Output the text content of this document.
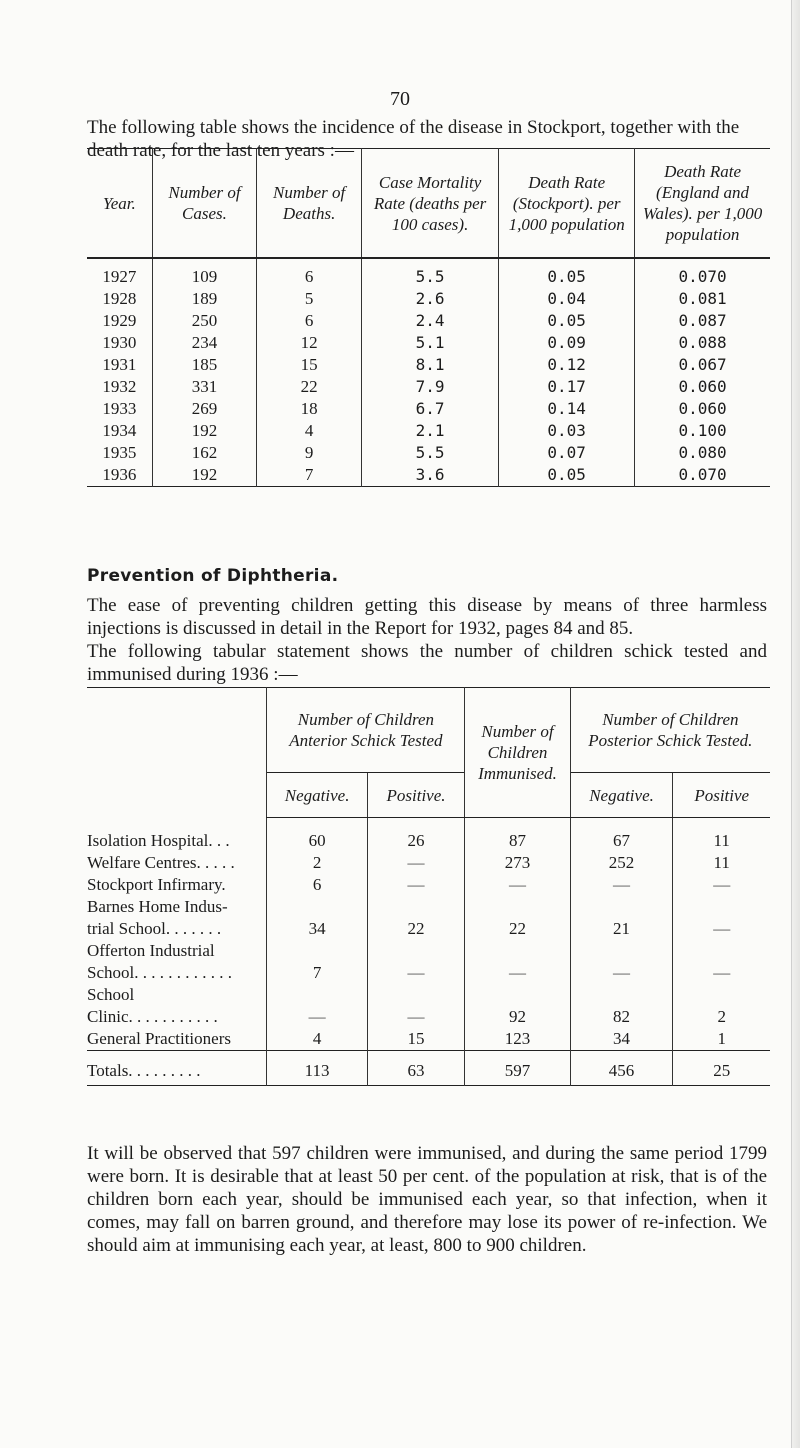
70

The following table shows the incidence of the disease in Stockport, together with the death rate, for the last ten years :—

Year.	Number of Cases.	Number of Deaths.	Case Mortality Rate (deaths per 100 cases).	Death Rate (Stockport). per 1,000 population	Death Rate (England and Wales). per 1,000 population
1927	109	6	5.5	0.05	0.070
1928	189	5	2.6	0.04	0.081
1929	250	6	2.4	0.05	0.087
1930	234	12	5.1	0.09	0.088
1931	185	15	8.1	0.12	0.067
1932	331	22	7.9	0.17	0.060
1933	269	18	6.7	0.14	0.060
1934	192	4	2.1	0.03	0.100
1935	162	9	5.5	0.07	0.080
1936	192	7	3.6	0.05	0.070
Prevention of Diphtheria.

The ease of preventing children getting this disease by means of three harmless injections is discussed in detail in the Report for 1932, pages 84 and 85.

The following tabular statement shows the number of children schick tested and immunised during 1936 :—

	Number of Children Anterior Schick Tested		Number of Children Immunised.	Number of Children Posterior Schick Tested.	
	Negative.	Positive.		Negative.	Positive

Isolation Hospital. . .	60	26	87	67	11

Welfare Centres. . . . .	2	—	273	252	11

Stockport Infirmary.	6	—	—	—	—

Barnes Home Indus-
trial School. . . . . . .	34	22	22	21	—

Offerton Industrial
School. . . . . . . . . . . .	7	—	—	—	—

School
Clinic. . . . . . . . . . .	—	—	92	82	2

General Practitioners	4	15	123	34	1
Totals. . . . . . . . .	113	63	597	456	25

It will be observed that 597 children were immunised, and during the same period 1799 were born. It is desirable that at least 50 per cent. of the population at risk, that is of the children born each year, should be immunised each year, so that infection, when it comes, may fall on barren ground, and therefore may lose its power of re-infection. We should aim at immunising each year, at least, 800 to 900 children.
